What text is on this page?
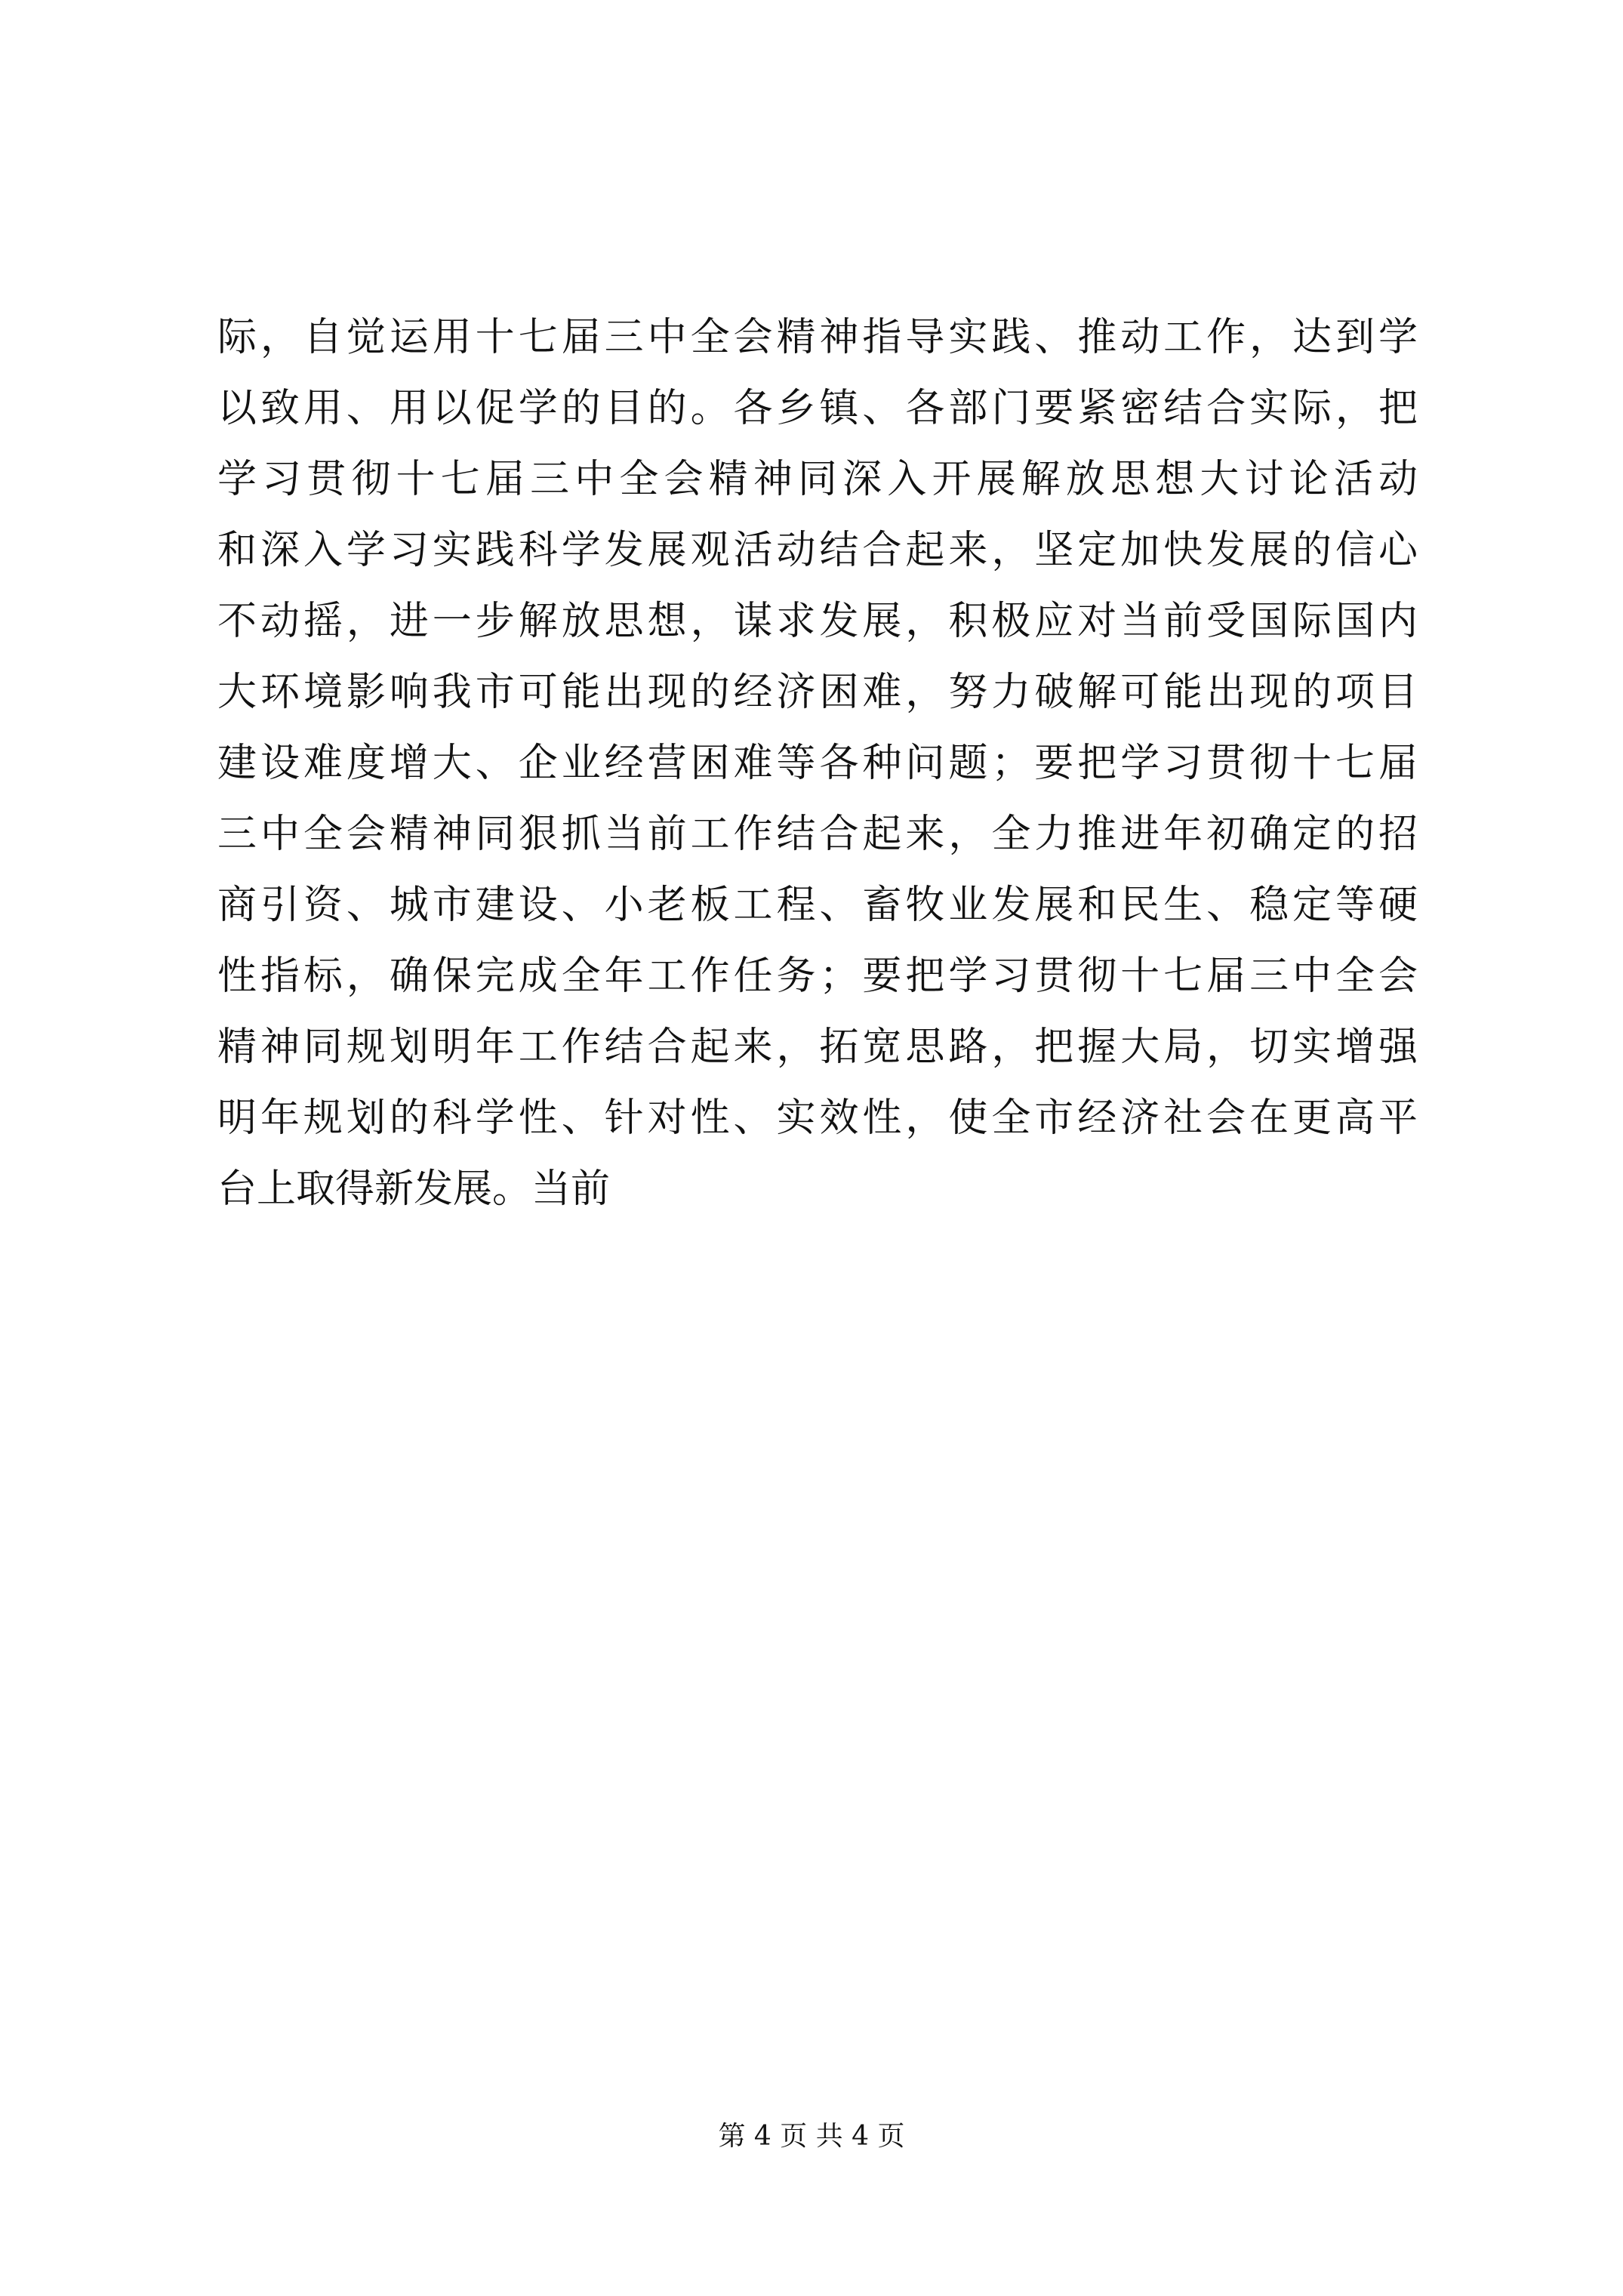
际，自觉运用十七届三中全会精神指导实践、推动工作，达到学
以致用、用以促学的目的。各乡镇、各部门要紧密结合实际，把
学习贯彻十七届三中全会精神同深入开展解放思想大讨论活动
和深入学习实践科学发展观活动结合起来，坚定加快发展的信心
不动摇，进一步解放思想，谋求发展，积极应对当前受国际国内
大环境影响我市可能出现的经济困难，努力破解可能出现的项目
建设难度增大、企业经营困难等各种问题；要把学习贯彻十七届
三中全会精神同狠抓当前工作结合起来，全力推进年初确定的招
商引资、城市建设、小老板工程、畜牧业发展和民生、稳定等硬
性指标，确保完成全年工作任务；要把学习贯彻十七届三中全会
精神同规划明年工作结合起来，拓宽思路，把握大局，切实增强
明年规划的科学性、针对性、实效性，使全市经济社会在更高平
台上取得新发展。当前
第 4 页 共 4 页
